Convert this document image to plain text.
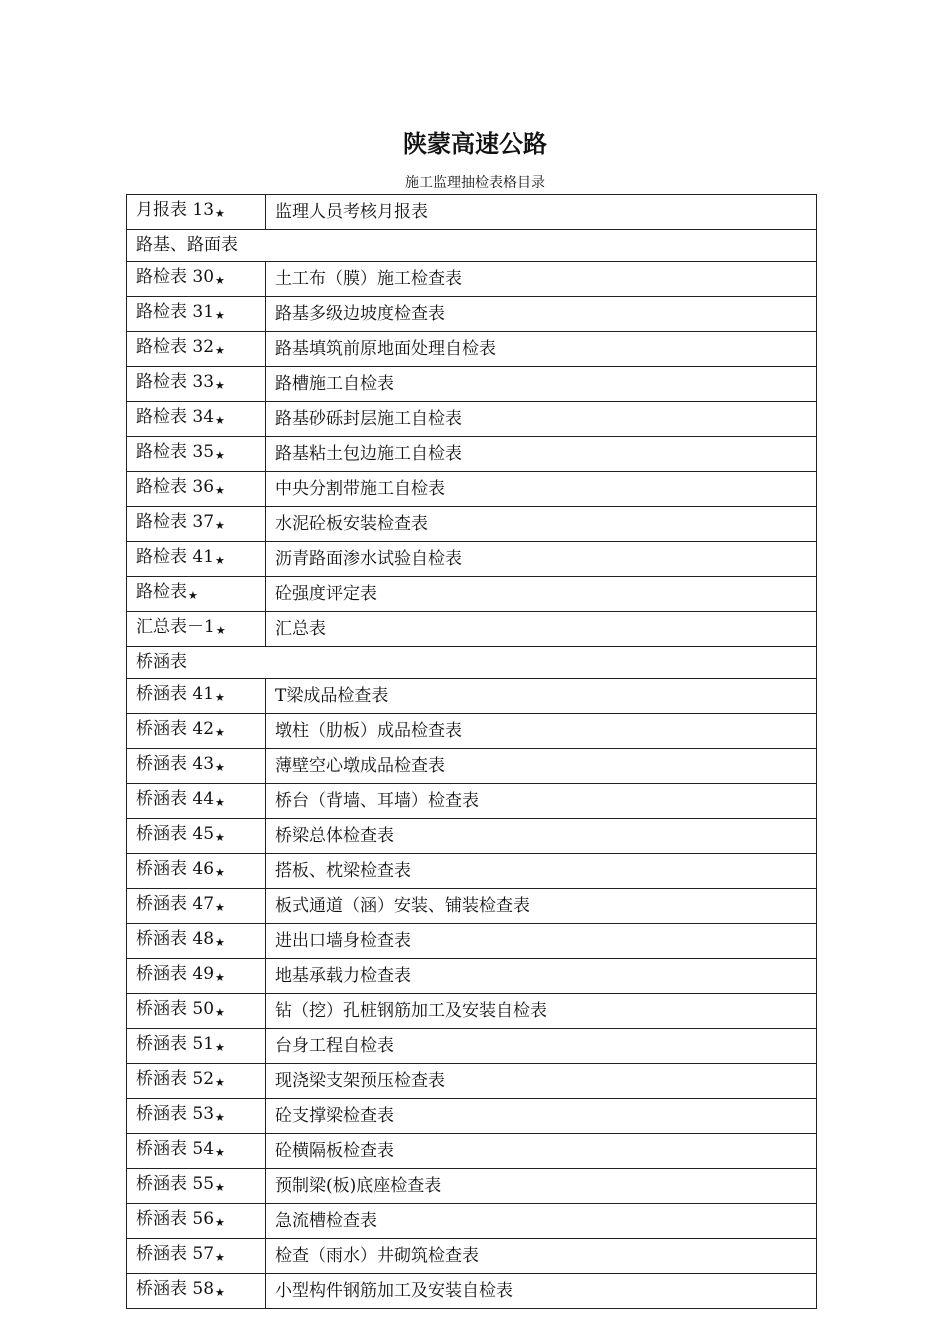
陕蒙高速公路
施工监理抽检表格目录
月报表 13★	监理人员考核月报表
路基、路面表	
路检表 30★	土工布（膜）施工检查表
路检表 31★	路基多级边坡度检查表
路检表 32★	路基填筑前原地面处理自检表
路检表 33★	路槽施工自检表
路检表 34★	路基砂砾封层施工自检表
路检表 35★	路基粘土包边施工自检表
路检表 36★	中央分割带施工自检表
路检表 37★	水泥砼板安装检查表
路检表 41★	沥青路面渗水试验自检表
路检表★	砼强度评定表
汇总表－1★	汇总表
桥涵表	
桥涵表 41★	T梁成品检查表
桥涵表 42★	墩柱（肋板）成品检查表
桥涵表 43★	薄壁空心墩成品检查表
桥涵表 44★	桥台（背墙、耳墙）检查表
桥涵表 45★	桥梁总体检查表
桥涵表 46★	搭板、枕梁检查表
桥涵表 47★	板式通道（涵）安装、铺装检查表
桥涵表 48★	进出口墙身检查表
桥涵表 49★	地基承载力检查表
桥涵表 50★	钻（挖）孔桩钢筋加工及安装自检表
桥涵表 51★	台身工程自检表
桥涵表 52★	现浇梁支架预压检查表
桥涵表 53★	砼支撑梁检查表
桥涵表 54★	砼横隔板检查表
桥涵表 55★	预制梁(板)底座检查表
桥涵表 56★	急流槽检查表
桥涵表 57★	检查（雨水）井砌筑检查表
桥涵表 58★	小型构件钢筋加工及安装自检表
